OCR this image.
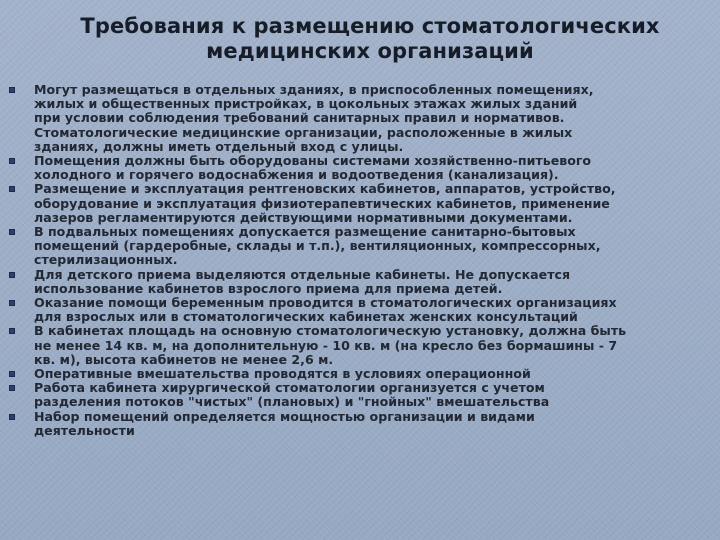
Требования к размещению стоматологических
медицинских организаций
Могут размещаться в отдельных зданиях, в приспособленных помещениях,
жилых и общественных пристройках, в цокольных этажах жилых зданий
при условии соблюдения требований санитарных правил и нормативов.
Стоматологические медицинские организации, расположенные в жилых
зданиях, должны иметь отдельный вход с улицы.
Помещения должны быть оборудованы системами хозяйственно-питьевого
холодного и горячего водоснабжения и водоотведения (канализация).
Размещение и эксплуатация рентгеновских кабинетов, аппаратов, устройство,
оборудование и эксплуатация физиотерапевтических кабинетов, применение
лазеров регламентируются действующими нормативными документами.
В подвальных помещениях допускается размещение санитарно-бытовых
помещений (гардеробные, склады и т.п.), вентиляционных, компрессорных,
стерилизационных.
Для детского приема выделяются отдельные кабинеты. Не допускается
использование кабинетов взрослого приема для приема детей.
Оказание помощи беременным проводится в стоматологических организациях
для взрослых или в стоматологических кабинетах женских консультаций
В кабинетах площадь на основную стоматологическую установку, должна быть
не менее 14 кв. м, на дополнительную - 10 кв. м (на кресло без бормашины - 7
кв. м), высота кабинетов не менее 2,6 м.
Оперативные вмешательства проводятся в условиях операционной
Работа кабинета хирургической стоматологии организуется с учетом
разделения потоков "чистых" (плановых) и "гнойных" вмешательства
Набор помещений определяется мощностью организации и видами
деятельности
